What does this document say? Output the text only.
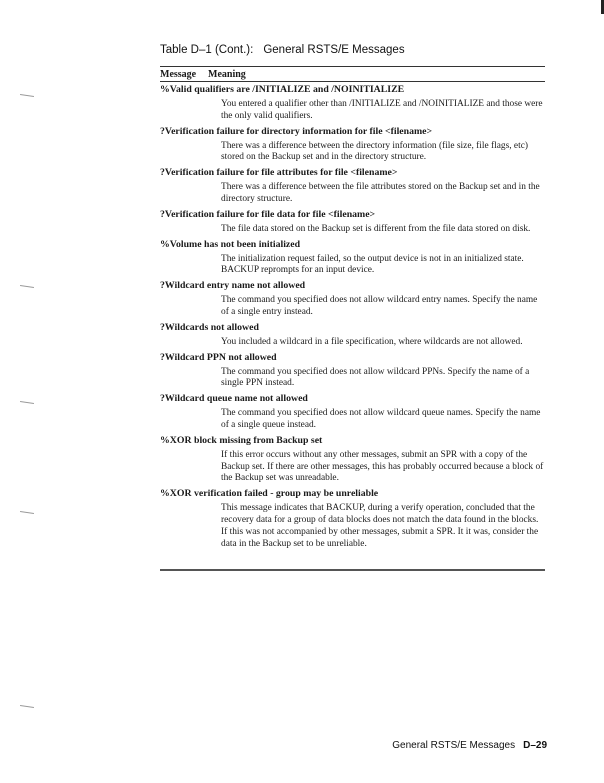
Table D–1 (Cont.): General RSTS/E Messages
Message Meaning
%Valid qualifiers are /INITIALIZE and /NOINITIALIZE
You entered a qualifier other than /INITIALIZE and /NOINITIALIZE and those were the only valid qualifiers.
?Verification failure for directory information for file <filename>
There was a difference between the directory information (file size, file flags, etc) stored on the Backup set and in the directory structure.
?Verification failure for file attributes for file <filename>
There was a difference between the file attributes stored on the Backup set and in the directory structure.
?Verification failure for file data for file <filename>
The file data stored on the Backup set is different from the file data stored on disk.
%Volume has not been initialized
The initialization request failed, so the output device is not in an initialized state. BACKUP reprompts for an input device.
?Wildcard entry name not allowed
The command you specified does not allow wildcard entry names. Specify the name of a single entry instead.
?Wildcards not allowed
You included a wildcard in a file specification, where wildcards are not allowed.
?Wildcard PPN not allowed
The command you specified does not allow wildcard PPNs. Specify the name of a single PPN instead.
?Wildcard queue name not allowed
The command you specified does not allow wildcard queue names. Specify the name of a single queue instead.
%XOR block missing from Backup set
If this error occurs without any other messages, submit an SPR with a copy of the Backup set. If there are other messages, this has probably occurred because a block of the Backup set was unreadable.
%XOR verification failed - group may be unreliable
This message indicates that BACKUP, during a verify operation, concluded that the recovery data for a group of data blocks does not match the data found in the blocks. If this was not accompanied by other messages, submit a SPR. It it was, consider the data in the Backup set to be unreliable.
General RSTS/E Messages D–29
